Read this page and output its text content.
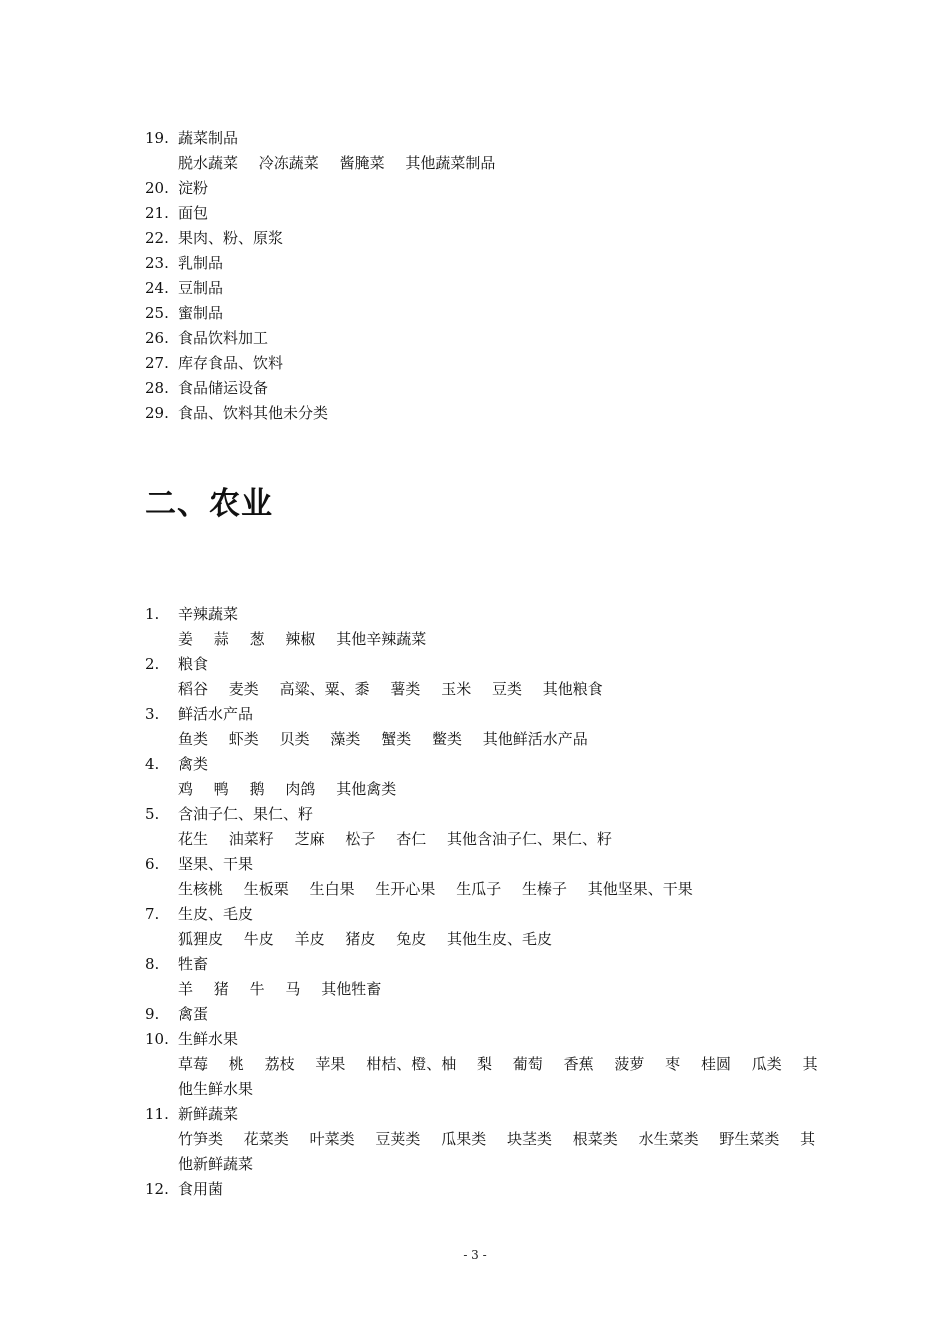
19. 蔬菜制品
脱水蔬菜 冷冻蔬菜 酱腌菜 其他蔬菜制品
20. 淀粉
21. 面包
22. 果肉、粉、原浆
23. 乳制品
24. 豆制品
25. 蜜制品
26. 食品饮料加工
27. 库存食品、饮料
28. 食品储运设备
29. 食品、饮料其他未分类
二、农业
1. 辛辣蔬菜
姜 蒜 葱 辣椒 其他辛辣蔬菜
2. 粮食
稻谷 麦类 高粱、粟、黍 薯类 玉米 豆类 其他粮食
3. 鲜活水产品
鱼类 虾类 贝类 藻类 蟹类 鳖类 其他鲜活水产品
4. 禽类
鸡 鸭 鹅 肉鸽 其他禽类
5. 含油子仁、果仁、籽
花生 油菜籽 芝麻 松子 杏仁 其他含油子仁、果仁、籽
6. 坚果、干果
生核桃 生板栗 生白果 生开心果 生瓜子 生榛子 其他坚果、干果
7. 生皮、毛皮
狐狸皮 牛皮 羊皮 猪皮 兔皮 其他生皮、毛皮
8. 牲畜
羊 猪 牛 马 其他牲畜
9. 禽蛋
10. 生鲜水果
草莓 桃 荔枝 苹果 柑桔、橙、柚 梨 葡萄 香蕉 菠萝 枣 桂圆 瓜类 其他生鲜水果
11. 新鲜蔬菜
竹笋类 花菜类 叶菜类 豆荚类 瓜果类 块茎类 根菜类 水生菜类 野生菜类 其他新鲜蔬菜
12. 食用菌
- 3 -
